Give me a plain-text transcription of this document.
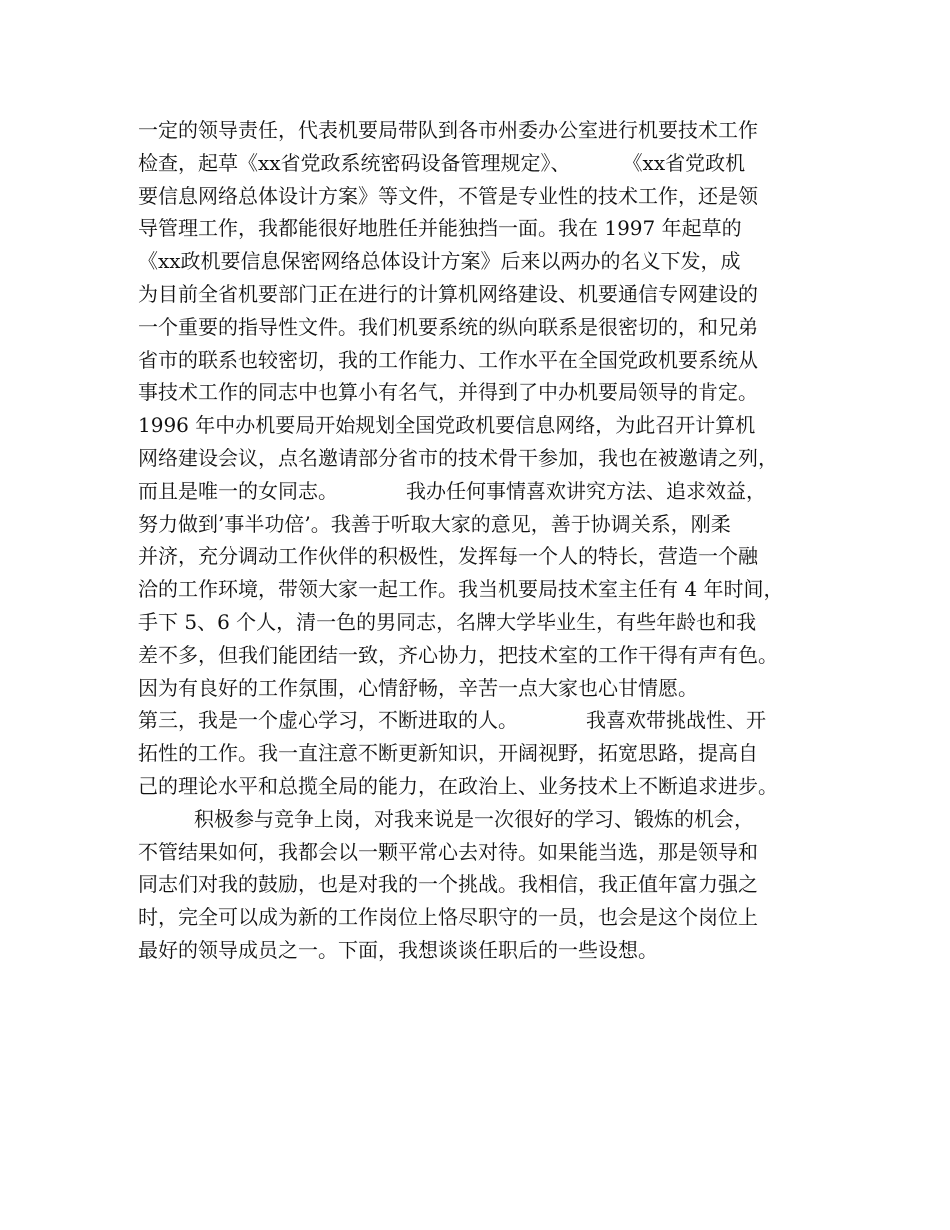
一定的领导责任，代表机要局带队到各市州委办公室进行机要技术工作
检查，起草《xx省党政系统密码设备管理规定》、	《xx省党政机
要信息网络总体设计方案》等文件，不管是专业性的技术工作，还是领
导管理工作，我都能很好地胜任并能独挡一面。我在 1997 年起草的
《xx政机要信息保密网络总体设计方案》后来以两办的名义下发，成
为目前全省机要部门正在进行的计算机网络建设、机要通信专网建设的
一个重要的指导性文件。我们机要系统的纵向联系是很密切的，和兄弟
省市的联系也较密切，我的工作能力、工作水平在全国党政机要系统从
事技术工作的同志中也算小有名气，并得到了中办机要局领导的肯定。
1996 年中办机要局开始规划全国党政机要信息网络，为此召开计算机
网络建设会议，点名邀请部分省市的技术骨干参加，我也在被邀请之列，
而且是唯一的女同志。	我办任何事情喜欢讲究方法、追求效益，
努力做到’事半功倍’。我善于听取大家的意见，善于协调关系，刚柔
并济，充分调动工作伙伴的积极性，发挥每一个人的特长，营造一个融
洽的工作环境，带领大家一起工作。我当机要局技术室主任有 4 年时间，
手下 5、6 个人，清一色的男同志，名牌大学毕业生，有些年龄也和我
差不多，但我们能团结一致，齐心协力，把技术室的工作干得有声有色。
因为有良好的工作氛围，心情舒畅，辛苦一点大家也心甘情愿。
第三，我是一个虚心学习，不断进取的人。	我喜欢带挑战性、开
拓性的工作。我一直注意不断更新知识，开阔视野，拓宽思路，提高自
己的理论水平和总揽全局的能力，在政治上、业务技术上不断追求进步。
积极参与竞争上岗，对我来说是一次很好的学习、锻炼的机会，
不管结果如何，我都会以一颗平常心去对待。如果能当选，那是领导和
同志们对我的鼓励，也是对我的一个挑战。我相信，我正值年富力强之
时，完全可以成为新的工作岗位上恪尽职守的一员，也会是这个岗位上
最好的领导成员之一。下面，我想谈谈任职后的一些设想。
